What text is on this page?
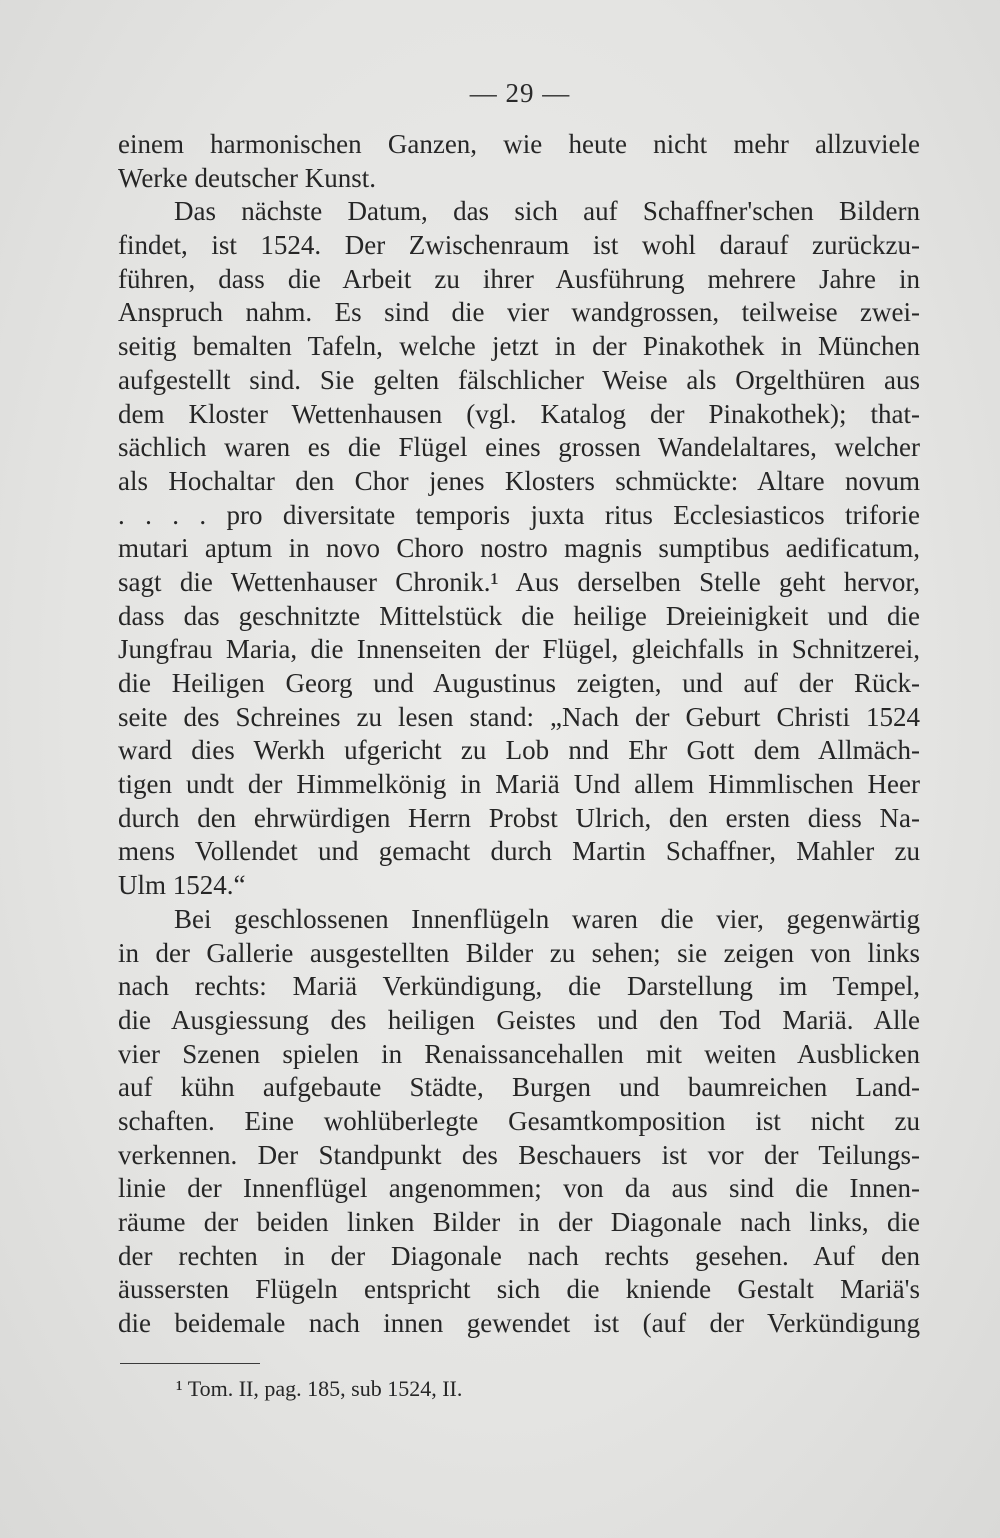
— 29 —
einem harmonischen Ganzen, wie heute nicht mehr allzuviele
Werke deutscher Kunst.
Das nächste Datum, das sich auf Schaffner'schen Bildern
findet, ist 1524. Der Zwischenraum ist wohl darauf zurückzu-
führen, dass die Arbeit zu ihrer Ausführung mehrere Jahre in
Anspruch nahm. Es sind die vier wandgrossen, teilweise zwei-
seitig bemalten Tafeln, welche jetzt in der Pinakothek in München
aufgestellt sind. Sie gelten fälschlicher Weise als Orgelthüren aus
dem Kloster Wettenhausen (vgl. Katalog der Pinakothek); that-
sächlich waren es die Flügel eines grossen Wandelaltares, welcher
als Hochaltar den Chor jenes Klosters schmückte: Altare novum
. . . . pro diversitate temporis juxta ritus Ecclesiasticos triforie
mutari aptum in novo Choro nostro magnis sumptibus aedificatum,
sagt die Wettenhauser Chronik.¹ Aus derselben Stelle geht hervor,
dass das geschnitzte Mittelstück die heilige Dreieinigkeit und die
Jungfrau Maria, die Innenseiten der Flügel, gleichfalls in Schnitzerei,
die Heiligen Georg und Augustinus zeigten, und auf der Rück-
seite des Schreines zu lesen stand: „Nach der Geburt Christi 1524
ward dies Werkh ufgericht zu Lob nnd Ehr Gott dem Allmäch-
tigen undt der Himmelkönig in Mariä Und allem Himmlischen Heer
durch den ehrwürdigen Herrn Probst Ulrich, den ersten diess Na-
mens Vollendet und gemacht durch Martin Schaffner, Mahler zu
Ulm 1524.“
Bei geschlossenen Innenflügeln waren die vier, gegenwärtig
in der Gallerie ausgestellten Bilder zu sehen; sie zeigen von links
nach rechts: Mariä Verkündigung, die Darstellung im Tempel,
die Ausgiessung des heiligen Geistes und den Tod Mariä. Alle
vier Szenen spielen in Renaissancehallen mit weiten Ausblicken
auf kühn aufgebaute Städte, Burgen und baumreichen Land-
schaften. Eine wohlüberlegte Gesamtkomposition ist nicht zu
verkennen. Der Standpunkt des Beschauers ist vor der Teilungs-
linie der Innenflügel angenommen; von da aus sind die Innen-
räume der beiden linken Bilder in der Diagonale nach links, die
der rechten in der Diagonale nach rechts gesehen. Auf den
äussersten Flügeln entspricht sich die kniende Gestalt Mariä's
die beidemale nach innen gewendet ist (auf der Verkündigung
¹ Tom. II, pag. 185, sub 1524, II.
